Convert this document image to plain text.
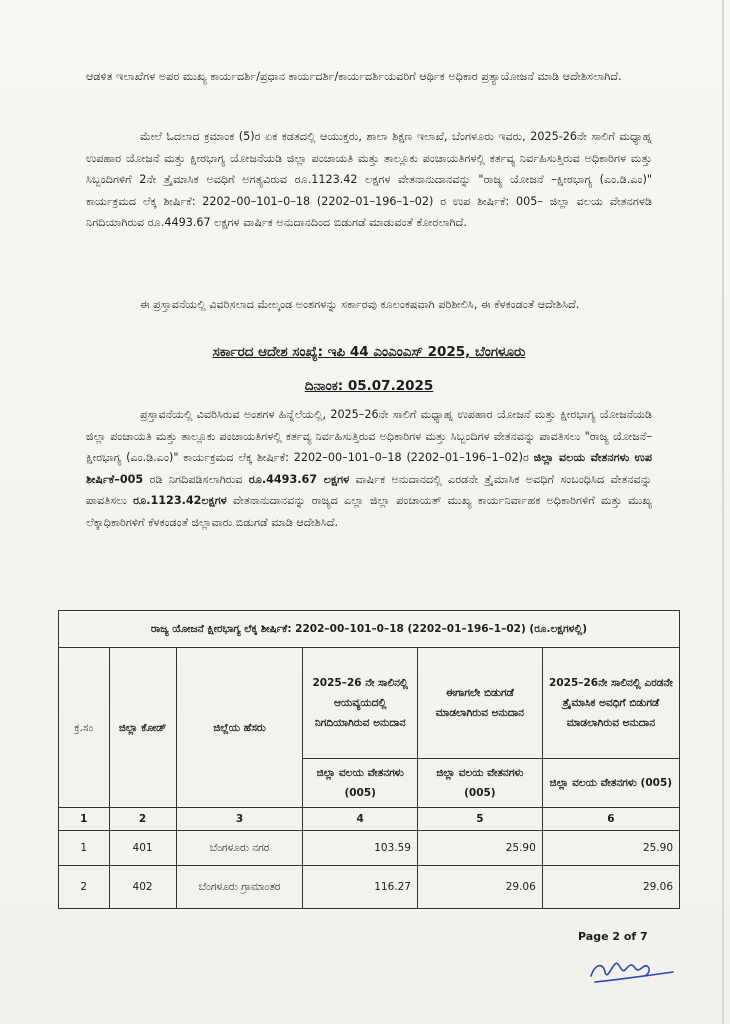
ಆಡಳಿತ ಇಲಾಖೆಗಳ ಅಪರ ಮುಖ್ಯ ಕಾರ್ಯದರ್ಶಿ/ಪ್ರಧಾನ ಕಾರ್ಯದರ್ಶಿ/ಕಾರ್ಯದರ್ಶಿಯವರಿಗೆ ಆರ್ಥಿಕ ಅಧಿಕಾರ ಪ್ರತ್ಯಾಯೋಜನೆ ಮಾಡಿ ಆದೇಶಿಸಲಾಗಿದೆ.

ಮೇಲೆ ಓದಲಾದ ಕ್ರಮಾಂಕ (5)ರ ಏಕ ಕಡತದಲ್ಲಿ ಆಯುಕ್ತರು, ಶಾಲಾ ಶಿಕ್ಷಣ ಇಲಾಖೆ, ಬೆಂಗಳೂರು ಇವರು, 2025-26ನೇ ಸಾಲಿಗೆ ಮಧ್ಯಾಹ್ನ ಉಪಹಾರ ಯೋಜನೆ ಮತ್ತು ಕ್ಷೀರಭಾಗ್ಯ ಯೋಜನೆಯಡಿ ಜಿಲ್ಲಾ ಪಂಚಾಯತಿ ಮತ್ತು ತಾಲ್ಲೂಕು ಪಂಚಾಯತಿಗಳಲ್ಲಿ ಕರ್ತವ್ಯ ನಿರ್ವಹಿಸುತ್ತಿರುವ ಅಧಿಕಾರಿಗಳ ಮತ್ತು ಸಿಬ್ಬಂದಿಗಳಿಗೆ 2ನೇ ತ್ರೈಮಾಸಿಕ ಅವಧಿಗೆ ಅಗತ್ಯವಿರುವ ರೂ.1123.42 ಲಕ್ಷಗಳ ವೇತನಾನುದಾನವನ್ನು "ರಾಜ್ಯ ಯೋಜನೆ –ಕ್ಷೀರಭಾಗ್ಯ (ಎಂ.ಡಿ.ಎಂ)" ಕಾರ್ಯಕ್ರಮದ ಲೆಕ್ಕ ಶೀರ್ಷಿಕೆ: 2202–00–101–0–18 (2202–01–196–1–02) ರ ಉಪ ಶೀರ್ಷಿಕೆ: 005– ಜಿಲ್ಲಾ ವಲಯ ವೇತನಗಳಡಿ ನಿಗದಿಯಾಗಿರುವ ರೂ.4493.67 ಲಕ್ಷಗಳ ವಾರ್ಷಿಕ ಅನುದಾನದಿಂದ ಬಿಡುಗಡೆ ಮಾಡುವಂತೆ ಕೋರಲಾಗಿದೆ.

ಈ ಪ್ರಸ್ತಾವನೆಯಲ್ಲಿ ವಿವರಿಸಲಾದ ಮೇಲ್ಕಂಡ ಅಂಶಗಳನ್ನು ಸರ್ಕಾರವು ಕೂಲಂಕಷವಾಗಿ ಪರಿಶೀಲಿಸಿ, ಈ ಕೆಳಕಂಡಂತೆ ಆದೇಶಿಸಿದೆ.

ಸರ್ಕಾರದ ಆದೇಶ ಸಂಖ್ಯೆ: ಇಪಿ 44 ಎಂಎಂಎಸ್ 2025, ಬೆಂಗಳೂರು
ದಿನಾಂಕ: 05.07.2025

ಪ್ರಸ್ತಾವನೆಯಲ್ಲಿ ವಿವರಿಸಿರುವ ಅಂಶಗಳ ಹಿನ್ನೆಲೆಯಲ್ಲಿ, 2025–26ನೇ ಸಾಲಿಗೆ ಮಧ್ಯಾಹ್ನ ಉಪಹಾರ ಯೋಜನೆ ಮತ್ತು ಕ್ಷೀರಭಾಗ್ಯ ಯೋಜನೆಯಡಿ ಜಿಲ್ಲಾ ಪಂಚಾಯತಿ ಮತ್ತು ತಾಲ್ಲೂಕು ಪಂಚಾಯತಿಗಳಲ್ಲಿ ಕರ್ತವ್ಯ ನಿರ್ವಹಿಸುತ್ತಿರುವ ಅಧಿಕಾರಿಗಳ ಮತ್ತು ಸಿಬ್ಬಂದಿಗಳ ವೇತನವನ್ನು ಪಾವತಿಸಲು "ರಾಜ್ಯ ಯೋಜನೆ– ಕ್ಷೀರಭಾಗ್ಯ (ಎಂ.ಡಿ.ಎಂ)" ಕಾರ್ಯಕ್ರಮದ ಲೆಕ್ಕ ಶೀರ್ಷಿಕೆ: 2202–00–101–0–18 (2202–01–196–1–02)ರ ಜಿಲ್ಲಾ ವಲಯ ವೇತನಗಳು ಉಪ ಶೀರ್ಷಿಕೆ–005 ರಡಿ ನಿಗದಿಪಡಿಸಲಾಗಿರುವ ರೂ.4493.67 ಲಕ್ಷಗಳ ವಾರ್ಷಿಕ ಅನುದಾನದಲ್ಲಿ ಎರಡನೇ ತ್ರೈಮಾಸಿಕ ಅವಧಿಗೆ ಸಂಬಂಧಿಸಿದ ವೇತನವನ್ನು ಪಾವತಿಸಲು ರೂ.1123.42ಲಕ್ಷಗಳ ವೇತನಾನುದಾನವನ್ನು ರಾಜ್ಯದ ಎಲ್ಲಾ ಜಿಲ್ಲಾ ಪಂಚಾಯತ್ ಮುಖ್ಯ ಕಾರ್ಯನಿರ್ವಾಹಕ ಅಧಿಕಾರಿಗಳಿಗೆ ಮತ್ತು ಮುಖ್ಯ ಲೆಕ್ಕಾಧಿಕಾರಿಗಳಿಗೆ ಕೆಳಕಂಡಂತೆ ಜಿಲ್ಲಾವಾರು ಬಿಡುಗಡೆ ಮಾಡಿ ಆದೇಶಿಸಿದೆ.

ರಾಜ್ಯ ಯೋಜನೆ ಕ್ಷೀರಭಾಗ್ಯ ಲೆಕ್ಕ ಶೀರ್ಷಿಕೆ: 2202–00–101–0–18 (2202–01–196–1–02) (ರೂ.ಲಕ್ಷಗಳಲ್ಲಿ)					
ಕ್ರ.ಸಂ	ಜಿಲ್ಲಾ ಕೋಡ್	ಜಿಲ್ಲೆಯ ಹೆಸರು	2025–26 ನೇ ಸಾಲಿನಲ್ಲಿ ಆಯವ್ಯಯದಲ್ಲಿ ನಿಗದಿಯಾಗಿರುವ ಅನುದಾನ	ಈಗಾಗಲೇ ಬಿಡುಗಡೆ ಮಾಡಲಾಗಿರುವ ಅನುದಾನ	2025–26ನೇ ಸಾಲಿನಲ್ಲಿ ಎರಡನೇ ತ್ರೈಮಾಸಿಕ ಅವಧಿಗೆ ಬಿಡುಗಡೆ ಮಾಡಲಾಗಿರುವ ಅನುದಾನ
			ಜಿಲ್ಲಾ ವಲಯ ವೇತನಗಳು (005)	ಜಿಲ್ಲಾ ವಲಯ ವೇತನಗಳು (005)	ಜಿಲ್ಲಾ ವಲಯ ವೇತನಗಳು (005)
1	2	3	4	5	6
1	401	ಬೆಂಗಳೂರು ನಗರ	103.59	25.90	25.90
2	402	ಬೆಂಗಳೂರು ಗ್ರಾಮಾಂತರ	116.27	29.06	29.06
Page 2 of 7
